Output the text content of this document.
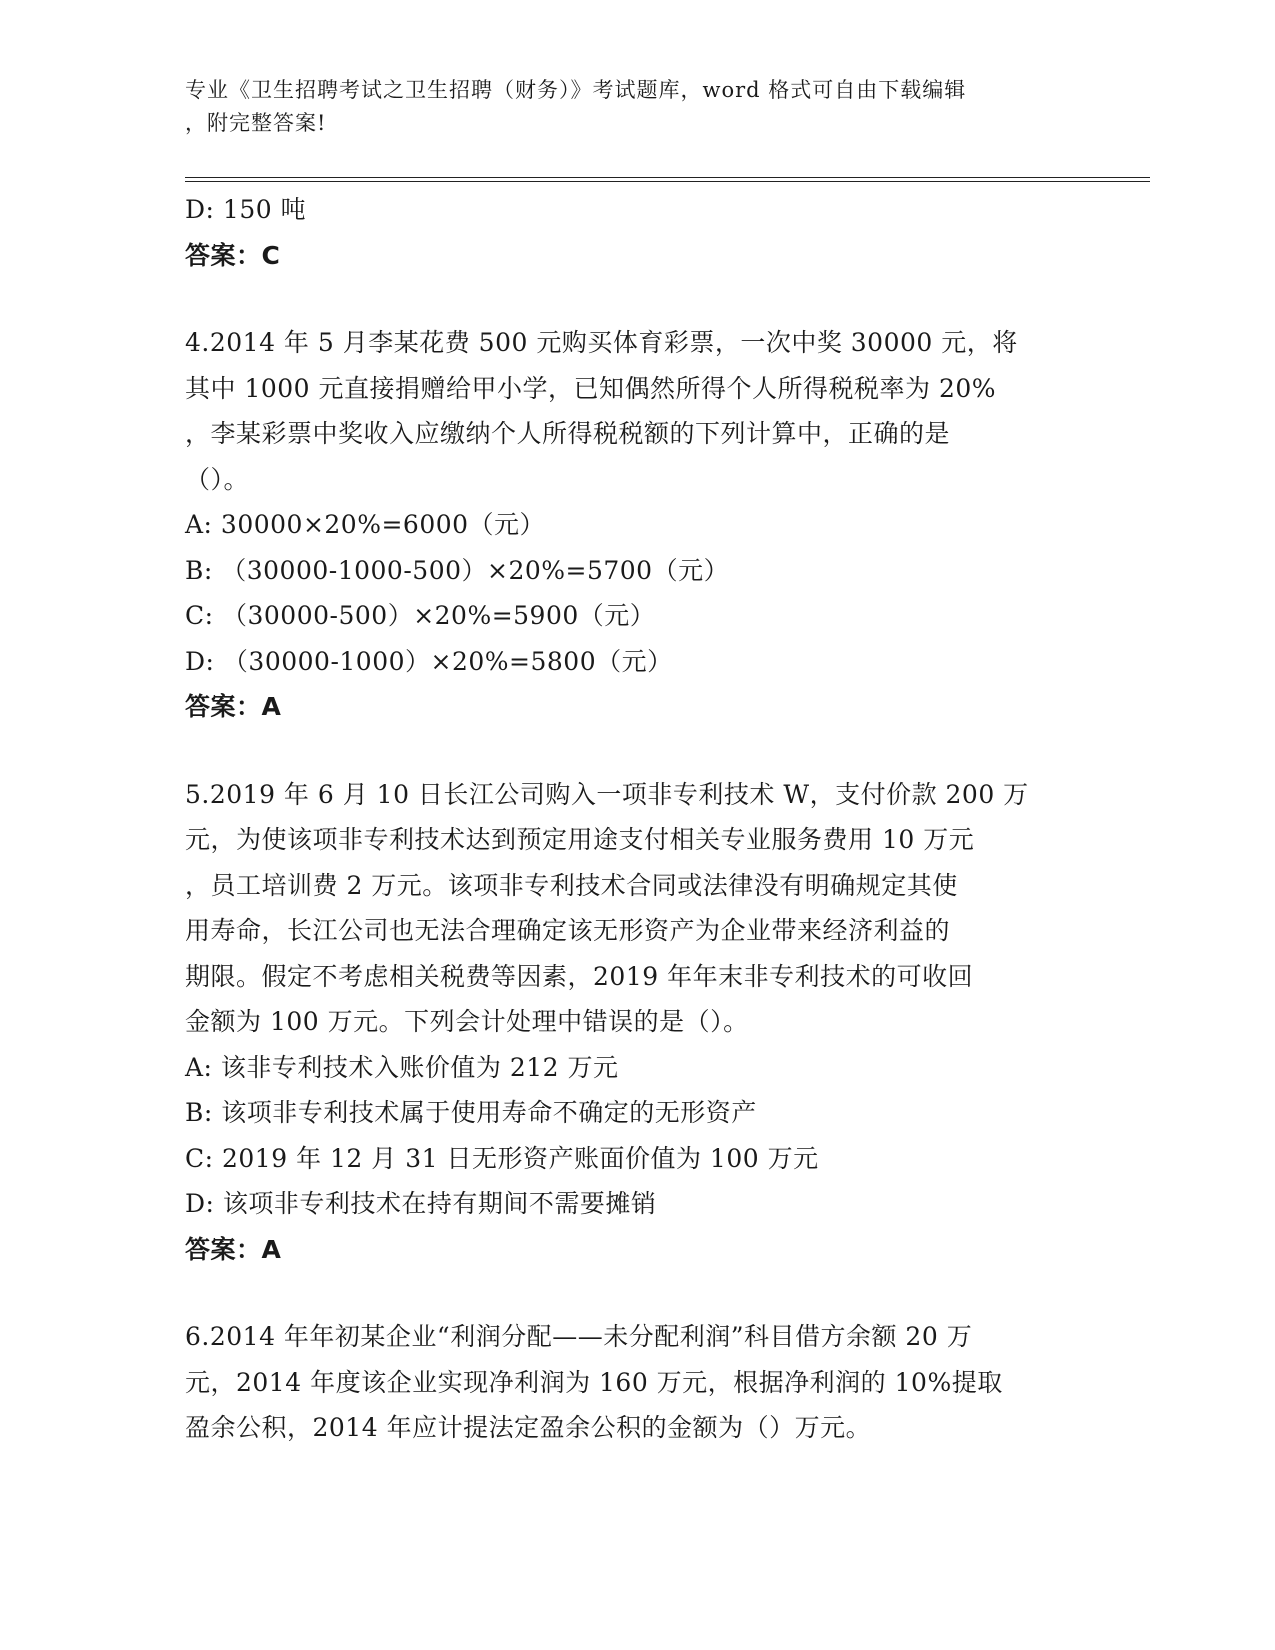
专业《卫生招聘考试之卫生招聘（财务）》考试题库，word 格式可自由下载编辑
，附完整答案!
D: 150 吨
答案：C
4.2014 年 5 月李某花费 500 元购买体育彩票，一次中奖 30000 元，将
其中 1000 元直接捐赠给甲小学，已知偶然所得个人所得税税率为 20%
，李某彩票中奖收入应缴纳个人所得税税额的下列计算中，正确的是
（）。
A: 30000×20%=6000（元）
B: （30000-1000-500）×20%=5700（元）
C: （30000-500）×20%=5900（元）
D: （30000-1000）×20%=5800（元）
答案：A
5.2019 年 6 月 10 日长江公司购入一项非专利技术 W，支付价款 200 万
元，为使该项非专利技术达到预定用途支付相关专业服务费用 10 万元
，员工培训费 2 万元。该项非专利技术合同或法律没有明确规定其使
用寿命，长江公司也无法合理确定该无形资产为企业带来经济利益的
期限。假定不考虑相关税费等因素，2019 年年末非专利技术的可收回
金额为 100 万元。下列会计处理中错误的是（）。
A: 该非专利技术入账价值为 212 万元
B: 该项非专利技术属于使用寿命不确定的无形资产
C: 2019 年 12 月 31 日无形资产账面价值为 100 万元
D: 该项非专利技术在持有期间不需要摊销
答案：A
6.2014 年年初某企业“利润分配——未分配利润”科目借方余额 20 万
元，2014 年度该企业实现净利润为 160 万元，根据净利润的 10%提取
盈余公积，2014 年应计提法定盈余公积的金额为（）万元。
